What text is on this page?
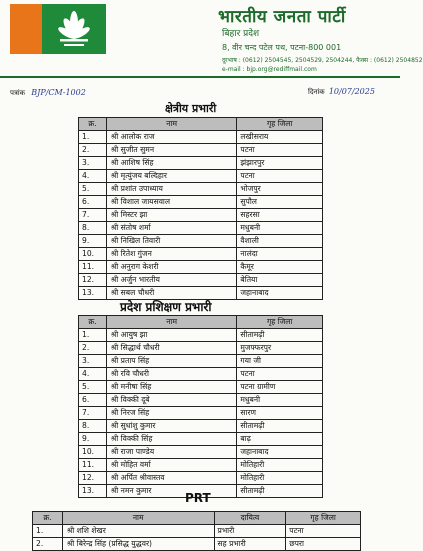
भारतीय जनता पार्टी
बिहार प्रदेश
8, वीर चन्द पटेल पथ, पटना-800 001
दूरभाष : (0612) 2504545, 2504529, 2504244, फैक्स : (0612) 2504852
e-mail : bjp.org@rediffmail.com
पत्रांक BJP/CM-1002	दिनांक 10/07/2025
क्षेत्रीय प्रभारी
क्र.	नाम	गृह जिला
1.	श्री आलोक राज	लखीसराय
2.	श्री सुजीत सुमन	पटना
3.	श्री आशिष सिंह	झंझारपुर
4.	श्री मृत्युंजय बल्दिहार	पटना
5.	श्री प्रशांत उपाध्याय	भोजपुर
6.	श्री विशाल जायसवाल	सुपौल
7.	श्री मिस्टर झा	सहरसा
8.	श्री संतोष शर्मा	मधुबनी
9.	श्री निखिल तिवारी	वैशाली
10.	श्री रितेश गुंजन	नालंदा
11.	श्री अनुराग केशरी	कैमूर
12.	श्री अर्जुन भारतीय	बेतिया
13.	श्री सबल चौधरी	जहानाबाद
प्रदेश प्रशिक्षण प्रभारी
क्र.	नाम	गृह जिला
1.	श्री आयुष झा	सीतामढ़ी
2.	श्री सिद्धार्थ चौधरी	मुजफ्फरपुर
3.	श्री प्रताप सिंह	गया जी
4.	श्री रवि चौधरी	पटना
5.	श्री मनीषा सिंह	पटना ग्रामीण
6.	श्री विक्की दूबे	मधुबनी
7.	श्री निरज सिंह	सारण
8.	श्री सुधांशु कुमार	सीतामढ़ी
9.	श्री विक्की सिंह	बाढ़
10.	श्री राजा पाण्डेय	जहानाबाद
11.	श्री मोहित वर्मा	मोतिहारी
12.	श्री अर्पित श्रीवास्तव	मोतिहारी
13.	श्री नमन कुमार	सीतामढ़ी
PRT
क्र.	नाम	दायित्व	गृह जिला
1.	श्री शशि शेखर	प्रभारी	पटना
2.	श्री बिरेन्द्र सिंह (प्रसिद्ध युद्धवर)	सह प्रभारी	छपरा
